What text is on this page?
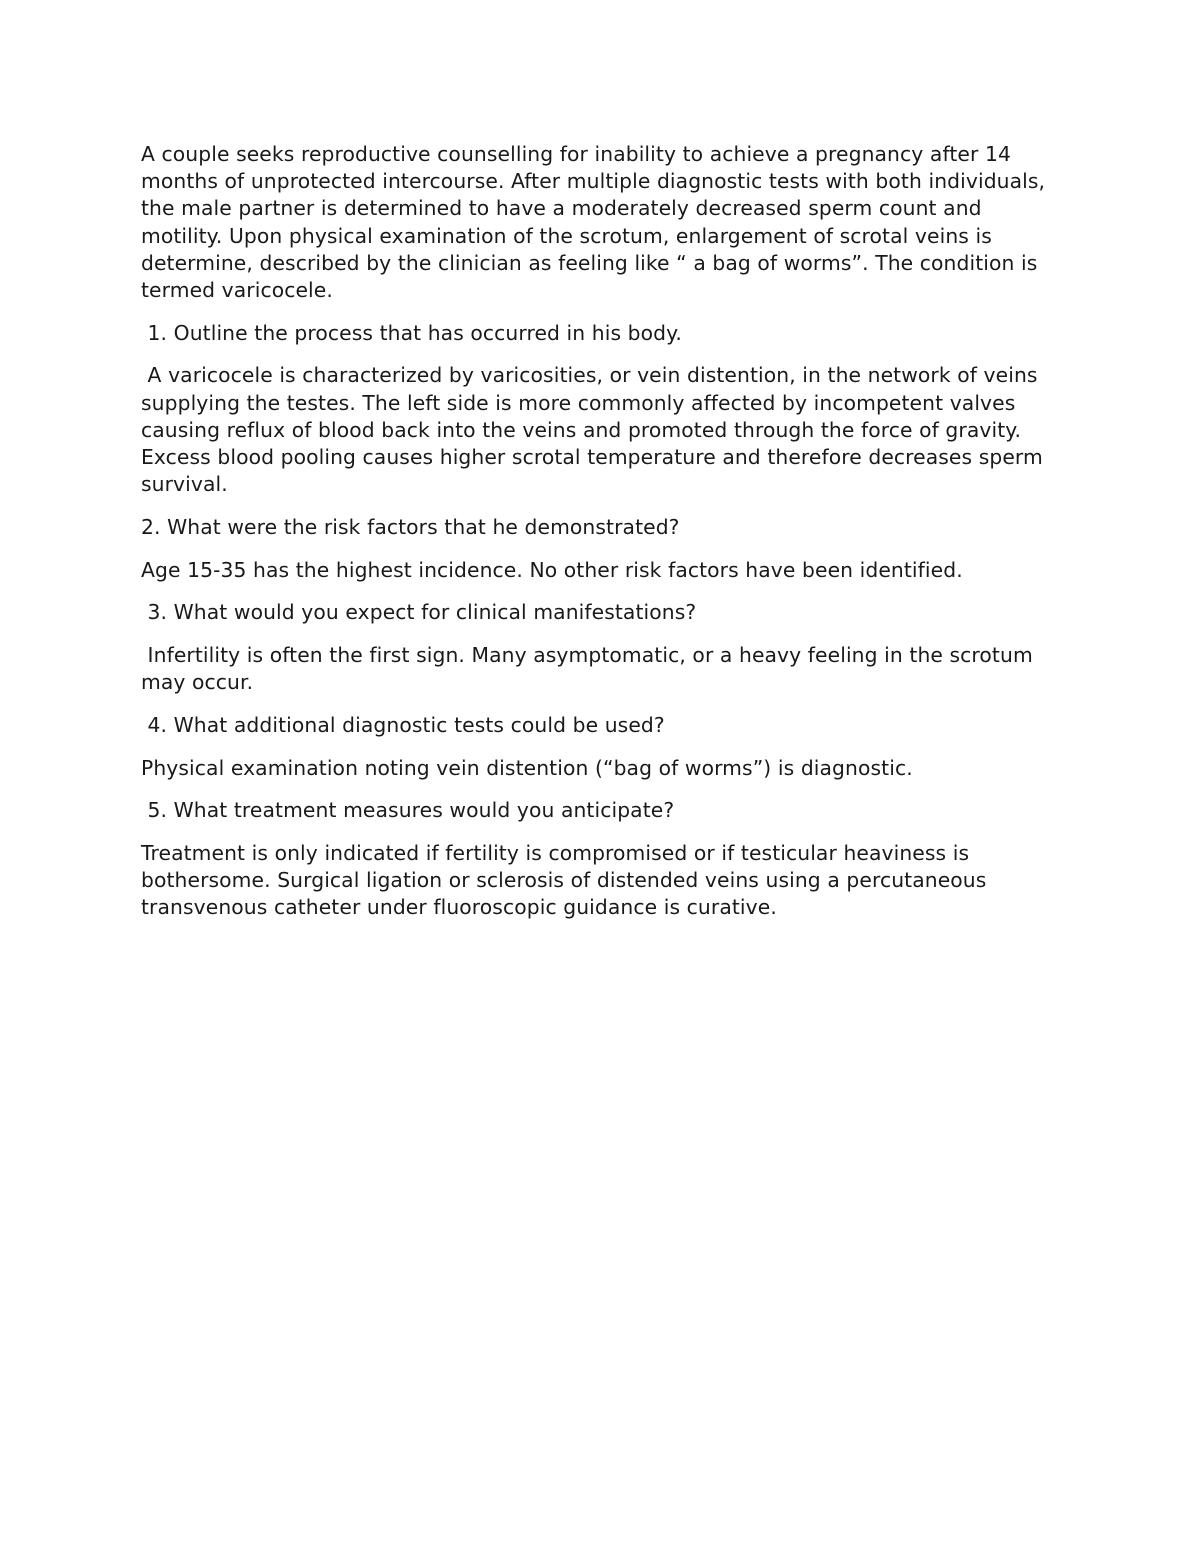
A couple seeks reproductive counselling for inability to achieve a pregnancy after 14 months of unprotected intercourse. After multiple diagnostic tests with both individuals, the male partner is determined to have a moderately decreased sperm count and motility. Upon physical examination of the scrotum, enlargement of scrotal veins is determine, described by the clinician as feeling like “ a bag of worms”. The condition is termed varicocele.

1. Outline the process that has occurred in his body.

A varicocele is characterized by varicosities, or vein distention, in the network of veins supplying the testes. The left side is more commonly affected by incompetent valves causing reflux of blood back into the veins and promoted through the force of gravity. Excess blood pooling causes higher scrotal temperature and therefore decreases sperm survival.

2. What were the risk factors that he demonstrated?

Age 15-35 has the highest incidence. No other risk factors have been identified.

3. What would you expect for clinical manifestations?

Infertility is often the first sign. Many asymptomatic, or a heavy feeling in the scrotum may occur.

4. What additional diagnostic tests could be used?

Physical examination noting vein distention (“bag of worms”) is diagnostic.

5. What treatment measures would you anticipate?

Treatment is only indicated if fertility is compromised or if testicular heaviness is bothersome. Surgical ligation or sclerosis of distended veins using a percutaneous transvenous catheter under fluoroscopic guidance is curative.
